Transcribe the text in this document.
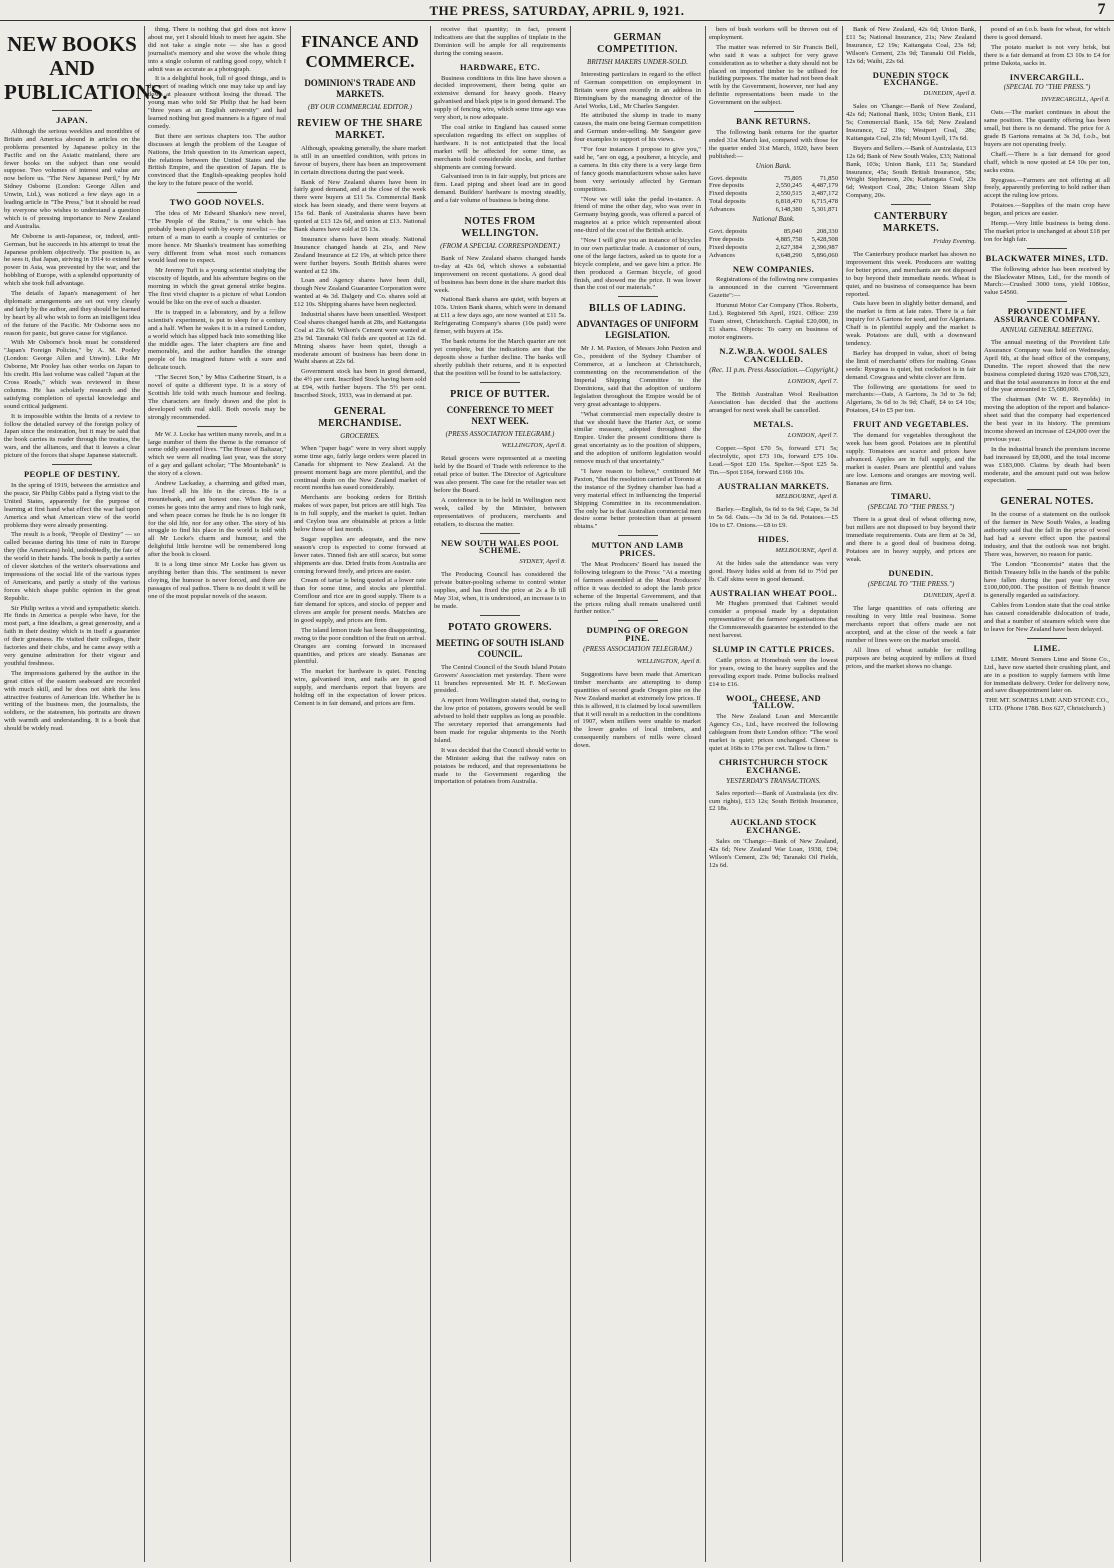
THE PRESS, SATURDAY, APRIL 9, 1921.	7
NEW BOOKS AND PUBLICATIONS.
JAPAN.

Although the serious weeklies and monthlies of Britain and America abound in articles on the problems presented by Japanese policy in the Pacific and on the Asiatic mainland, there are fewer books on the subject than one would suppose. Two volumes of interest and value are now before us. "The New Japanese Peril," by Mr Sidney Osborne (London: George Allen and Unwin, Ltd.), was noticed a few days ago in a leading article in "The Press," but it should be read by everyone who wishes to understand a question which is of pressing importance to New Zealand and Australia.

Mr Osborne is anti-Japanese, or, indeed, anti-German, but he succeeds in his attempt to treat the Japanese problem objectively. The position is, as he sees it, that Japan, striving in 1914 to extend her power in Asia, was prevented by the war, and the hobbling of Europe, with a splendid opportunity of which she took full advantage.

The details of Japan's management of her diplomatic arrangements are set out very clearly and fairly by the author, and they should be learned by heart by all who wish to form an intelligent idea of the future of the Pacific. Mr Osborne sees no reason for panic, but grave cause for vigilance.

With Mr Osborne's book must be considered "Japan's Foreign Policies," by A. M. Pooley (London: George Allen and Unwin). Like Mr Osborne, Mr Pooley has other works on Japan to his credit. His last volume was called "Japan at the Cross Roads," which was reviewed in these columns. He has scholarly research and the satisfying completion of special knowledge and sound critical judgment.

It is impossible within the limits of a review to follow the detailed survey of the foreign policy of Japan since the restoration, but it may be said that the book carries its reader through the treaties, the wars, and the alliances, and that it leaves a clear picture of the forces that shape Japanese statecraft.

PEOPLE OF DESTINY.

In the spring of 1919, between the armistice and the peace, Sir Philip Gibbs paid a flying visit to the United States, apparently for the purpose of learning at first hand what effect the war had upon America and what American view of the world problems they were already presenting.

The result is a book, "People of Destiny" — so called because during his time of ruin in Europe they (the Americans) hold, undoubtedly, the fate of the world in their hands. The book is partly a series of clever sketches of the writer's observations and impressions of the social life of the various types of Americans, and partly a study of the various forces which shape public opinion in the great Republic.

Sir Philip writes a vivid and sympathetic sketch. He finds in America a people who have, for the most part, a fine idealism, a great generosity, and a faith in their destiny which is in itself a guarantee of their greatness. He visited their colleges, their factories and their clubs, and he came away with a very genuine admiration for their vigour and youthful freshness.

The impressions gathered by the author in the great cities of the eastern seaboard are recorded with much skill, and he does not shirk the less attractive features of American life. Whether he is writing of the business men, the journalists, the soldiers, or the statesmen, his portraits are drawn with warmth and understanding. It is a book that should be widely read.

thing. There is nothing that girl does not know about me, yet I should blush to meet her again. She did not take a single note — she has a good journalist's memory and she wove the whole thing into a single column of rattling good copy, which I admit was as accurate as a photograph.

It is a delightful book, full of good things, and is the sort of reading which one may take up and lay down at pleasure without losing the thread. The young man who told Sir Philip that he had been "three years at an English university" and had learned nothing but good manners is a figure of real comedy.

But there are serious chapters too. The author discusses at length the problem of the League of Nations, the Irish question in its American aspect, the relations between the United States and the British Empire, and the question of Japan. He is convinced that the English-speaking peoples hold the key to the future peace of the world.

TWO GOOD NOVELS.

The idea of Mr Edward Shanks's new novel, "The People of the Ruins," is one which has probably been played with by every novelist — the return of a man to earth a couple of centuries or more hence. Mr Shanks's treatment has something very different from what most such romances would lead one to expect.

Mr Jeremy Tuft is a young scientist studying the viscosity of liquids, and his adventure begins on the morning in which the great general strike begins. The first vivid chapter is a picture of what London would be like on the eve of such a disaster.

He is trapped in a laboratory, and by a fellow scientist's experiment, is put to sleep for a century and a half. When he wakes it is in a ruined London, a world which has slipped back into something like the middle ages. The later chapters are fine and memorable, and the author handles the strange people of his imagined future with a sure and delicate touch.

"The Secret Son," by Miss Catherine Stuart, is a novel of quite a different type. It is a story of Scottish life told with much humour and feeling. The characters are finely drawn and the plot is developed with real skill. Both novels may be strongly recommended.

Mr W. J. Locke has written many novels, and in a large number of them the theme is the romance of some oddly assorted lives. "The House of Baltazar," which we were all reading last year, was the story of a gay and gallant scholar; "The Mountebank" is the story of a clown.

Andrew Lackaday, a charming and gifted man, has lived all his life in the circus. He is a mountebank, and an honest one. When the war comes he goes into the army and rises to high rank, and when peace comes he finds he is no longer fit for the old life, nor for any other. The story of his struggle to find his place in the world is told with all Mr Locke's charm and humour, and the delightful little heroine will be remembered long after the book is closed.

It is a long time since Mr Locke has given us anything better than this. The sentiment is never cloying, the humour is never forced, and there are passages of real pathos. There is no doubt it will be one of the most popular novels of the season.

FINANCE AND COMMERCE.
DOMINION'S TRADE AND MARKETS.
(BY OUR COMMERCIAL EDITOR.)
REVIEW OF THE SHARE MARKET.

Although, speaking generally, the share market is still in an unsettled condition, with prices in favour of buyers, there has been an improvement in certain directions during the past week.

Bank of New Zealand shares have been in fairly good demand, and at the close of the week there were buyers at £11 5s. Commercial Bank stock has been steady, and there were buyers at 15s 6d. Bank of Australasia shares have been quoted at £13 12s 6d, and union at £13. National Bank shares have sold at £6 13s.

Insurance shares have been steady. National Insurance changed hands at 21s, and New Zealand Insurance at £2 19s, at which price there were further buyers. South British shares were wanted at £2 18s.

Loan and Agency shares have been dull, though New Zealand Guarantee Corporation were wanted at 4s 3d. Dalgety and Co. shares sold at £12 10s. Shipping shares have been neglected.

Industrial shares have been unsettled. Westport Coal shares changed hands at 28s, and Kaitangata Coal at 23s 6d. Wilson's Cement were wanted at 23s 9d. Taranaki Oil fields are quoted at 12s 6d. Mining shares have been quiet, though a moderate amount of business has been done in Waihi shares at 22s 6d.

Government stock has been in good demand, the 4½ per cent. Inscribed Stock having been sold at £94, with further buyers. The 5½ per cent. Inscribed Stock, 1933, was in demand at par.

GENERAL MERCHANDISE.
GROCERIES.

When "paper bags" were in very short supply some time ago, fairly large orders were placed in Canada for shipment to New Zealand. At the present moment bags are more plentiful, and the continual drain on the New Zealand market of recent months has eased considerably.

Merchants are booking orders for British makes of wax paper, but prices are still high. Tea is in full supply, and the market is quiet. Indian and Ceylon teas are obtainable at prices a little below those of last month.

Sugar supplies are adequate, and the new season's crop is expected to come forward at lower rates. Tinned fish are still scarce, but some shipments are due. Dried fruits from Australia are coming forward freely, and prices are easier.

Cream of tartar is being quoted at a lower rate than for some time, and stocks are plentiful. Cornflour and rice are in good supply. There is a fair demand for spices, and stocks of pepper and cloves are ample for present needs. Matches are in good supply, and prices are firm.

The island lemon trade has been disappointing, owing to the poor condition of the fruit on arrival. Oranges are coming forward in increased quantities, and prices are steady. Bananas are plentiful.

The market for hardware is quiet. Fencing wire, galvanised iron, and nails are in good supply, and merchants report that buyers are holding off in the expectation of lower prices. Cement is in fair demand, and prices are firm.

receive that quantity; in fact, present indications are that the supplies of tinplate in the Dominion will be ample for all requirements during the coming season.

HARDWARE, ETC.

Business conditions in this line have shown a decided improvement, there being quite an extensive demand for heavy goods. Heavy galvanised and black pipe is in good demand. The supply of fencing wire, which some time ago was very short, is now adequate.

The coal strike in England has caused some speculation regarding its effect on supplies of hardware. It is not anticipated that the local market will be affected for some time, as merchants hold considerable stocks, and further shipments are coming forward.

Galvanised iron is in fair supply, but prices are firm. Lead piping and sheet lead are in good demand. Builders' hardware is moving steadily, and a fair volume of business is being done.

NOTES FROM WELLINGTON.
(FROM A SPECIAL CORRESPONDENT.)

Bank of New Zealand shares changed hands to-day at 42s 6d, which shows a substantial improvement on recent quotations. A good deal of business has been done in the share market this week.

National Bank shares are quiet, with buyers at 103s. Union Bank shares, which were in demand at £11 a few days ago, are now wanted at £11 5s. Refrigerating Company's shares (10s paid) were firmer, with buyers at 15s.

The bank returns for the March quarter are not yet complete, but the indications are that the deposits show a further decline. The banks will shortly publish their returns, and it is expected that the position will be found to be satisfactory.

PRICE OF BUTTER.
CONFERENCE TO MEET NEXT WEEK.
(PRESS ASSOCIATION TELEGRAM.)
WELLINGTON, April 8.

Retail grocers were represented at a meeting held by the Board of Trade with reference to the retail price of butter. The Director of Agriculture was also present. The case for the retailer was set before the Board.

A conference is to be held in Wellington next week, called by the Minister, between representatives of producers, merchants and retailers, to discuss the matter.

NEW SOUTH WALES POOL SCHEME.
SYDNEY, April 8.

The Producing Council has considered the private butter-pooling scheme to control winter supplies, and has fixed the price at 2s a lb till May 31st, when, it is understood, an increase is to be made.

POTATO GROWERS.
MEETING OF SOUTH ISLAND COUNCIL.

The Central Council of the South Island Potato Growers' Association met yesterday. There were 11 branches represented. Mr H. F. McGowan presided.

A report from Wellington stated that, owing to the low price of potatoes, growers would be well advised to hold their supplies as long as possible. The secretary reported that arrangements had been made for regular shipments to the North Island.

It was decided that the Council should write to the Minister asking that the railway rates on potatoes be reduced, and that representations be made to the Government regarding the importation of potatoes from Australia.

GERMAN COMPETITION.
BRITISH MAKERS UNDER-SOLD.

Interesting particulars in regard to the effect of German competition on employment in Britain were given recently in an address in Birmingham by the managing director of the Ariel Works, Ltd., Mr Charles Sangster.

He attributed the slump in trade to many causes, the main one being German competition and German under-selling. Mr Sangster gave four examples to support of his views.

"For four instances I propose to give you," said he, "are on egg, a poulterer, a bicycle, and a camera. In this city there is a very large firm of fancy goods manufacturers whose sales have been very seriously affected by German competition.

"Now we will take the pedal in-stance. A friend of mine the other day, who was over in Germany buying goods, was offered a parcel of magnetos at a price which represented about one-third of the cost of the British article.

"Now I will give you an instance of bicycles in our own particular trade. A customer of ours, one of the large factors, asked us to quote for a bicycle complete, and we gave him a price. He then produced a German bicycle, of good finish, and showed me the price. It was lower than the cost of our materials."

BILLS OF LADING.
ADVANTAGES OF UNIFORM LEGISLATION.

Mr J. M. Paxton, of Messrs John Paxton and Co., president of the Sydney Chamber of Commerce, at a luncheon at Christchurch, commenting on the recommendation of the Imperial Shipping Committee to the Dominions, said that the adoption of uniform legislation throughout the Empire would be of very great advantage to shippers.

"What commercial men especially desire is that we should have the Harter Act, or some similar measure, adopted throughout the Empire. Under the present conditions there is great uncertainty as to the position of shippers, and the adoption of uniform legislation would remove much of that uncertainty."

"I have reason to believe," continued Mr Paxton, "that the resolution carried at Toronto at the instance of the Sydney chamber has had a very material effect in influencing the Imperial Shipping Committee in its recommendation. The only bar is that Australian commercial men desire some better protection than at present obtains."

MUTTON AND LAMB PRICES.

The Meat Producers' Board has issued the following telegram to the Press: "At a meeting of farmers assembled at the Meat Producers' office it was decided to adopt the lamb price scheme of the Imperial Government, and that the prices ruling shall remain unaltered until further notice."

DUMPING OF OREGON PINE.
(PRESS ASSOCIATION TELEGRAM.)
WELLINGTON, April 8.

Suggestions have been made that American timber merchants are attempting to dump quantities of second grade Oregon pine on the New Zealand market at extremely low prices. If this is allowed, it is claimed by local sawmillers that it will result in a reduction in the conditions of 1907, when millers were unable to market the lower grades of local timbers, and consequently numbers of mills were closed down.

bers of bush workers will be thrown out of employment.

The matter was referred to Sir Francis Bell, who said it was a subject for very grave consideration as to whether a duty should not be placed on imported timber to be utilised for building purposes. The matter had not been dealt with by the Government, however, nor had any definite representations been made to the Government on the subject.

BANK RETURNS.

The following bank returns for the quarter ended 31st March last, compared with those for the quarter ended 31st March, 1920, have been published:—

Union Bank.
Govt. deposits	75,805	71,850
Free deposits	2,550,245	4,487,179
Fixed deposits	2,550,515	2,487,172
Total deposits	6,818,470	6,715,478
Advances	6,148,380	5,301,871
National Bank.
Govt. deposits	85,040	208,330
Free deposits	4,885,758	5,428,508
Fixed deposits	2,627,384	2,396,987
Advances	6,648,290	5,896,060
NEW COMPANIES.

Registrations of the following new companies is announced in the current "Government Gazette":—

Hurunui Motor Car Company (Thos. Roberts, Ltd.). Registered 5th April, 1921. Office: 239 Tuam street, Christchurch. Capital £20,000, in £1 shares. Objects: To carry on business of motor engineers.

N.Z.W.B.A. WOOL SALES CANCELLED.
(Rec. 11 p.m. Press Association.—Copyright.)
LONDON, April 7.

The British Australian Wool Realisation Association has decided that the auctions arranged for next week shall be cancelled.

METALS.
LONDON, April 7.

Copper.—Spot £70 5s, forward £71 5s; electrolytic, spot £73 10s, forward £75 10s. Lead.—Spot £20 15s. Spelter.—Spot £25 5s. Tin.—Spot £164, forward £166 10s.

AUSTRALIAN MARKETS.
MELBOURNE, April 8.

Barley.—English, 6s 6d to 6s 9d; Cape, 5s 3d to 5s 6d. Oats.—3s 3d to 3s 6d. Potatoes.—£5 10s to £7. Onions.—£8 to £9.

HIDES.
MELBOURNE, April 8.

At the hides sale the attendance was very good. Heavy hides sold at from 6d to 7½d per lb. Calf skins were in good demand.

AUSTRALIAN WHEAT POOL.

Mr Hughes promised that Cabinet would consider a proposal made by a deputation representative of the farmers' organisations that the Commonwealth guarantee be extended to the next harvest.

SLUMP IN CATTLE PRICES.

Cattle prices at Homebush were the lowest for years, owing to the heavy supplies and the prevailing export trade. Prime bullocks realised £14 to £16.

WOOL, CHEESE, AND TALLOW.

The New Zealand Loan and Mercantile Agency Co., Ltd., have received the following cablegram from their London office: "The wool market is quiet; prices unchanged. Cheese is quiet at 168s to 176s per cwt. Tallow is firm."

CHRISTCHURCH STOCK EXCHANGE.
YESTERDAY'S TRANSACTIONS.

Sales reported:—Bank of Australasia (ex div. cum rights), £13 12s; South British Insurance, £2 18s.

AUCKLAND STOCK EXCHANGE.

Sales on 'Change:—Bank of New Zealand, 42s 6d; New Zealand War Loan, 1938, £94; Wilson's Cement, 23s 9d; Taranaki Oil Fields, 12s 6d.

Bank of New Zealand, 42s 6d; Union Bank, £11 5s; National Insurance, 21s; New Zealand Insurance, £2 19s; Kaitangata Coal, 23s 6d; Wilson's Cement, 23s 9d; Taranaki Oil Fields, 12s 6d; Waihi, 22s 6d.

DUNEDIN STOCK EXCHANGE.
DUNEDIN, April 8.

Sales on 'Change:—Bank of New Zealand, 42s 6d; National Bank, 103s; Union Bank, £11 5s; Commercial Bank, 15s 6d; New Zealand Insurance, £2 19s; Westport Coal, 28s; Kaitangata Coal, 23s 6d; Mount Lyell, 17s 6d.

Buyers and Sellers.—Bank of Australasia, £13 12s 6d; Bank of New South Wales, £33; National Bank, 103s; Union Bank, £11 5s; Standard Insurance, 45s; South British Insurance, 58s; Wright Stephenson, 20s; Kaitangata Coal, 23s 6d; Westport Coal, 28s; Union Steam Ship Company, 20s.

CANTERBURY MARKETS.
Friday Evening.

The Canterbury produce market has shown no improvement this week. Producers are waiting for better prices, and merchants are not disposed to buy beyond their immediate needs. Wheat is quiet, and no business of consequence has been reported.

Oats have been in slightly better demand, and the market is firm at late rates. There is a fair inquiry for A Gartons for seed, and for Algerians. Chaff is in plentiful supply and the market is weak. Potatoes are dull, with a downward tendency.

Barley has dropped in value, short of being the limit of merchants' offers for malting. Grass seeds: Ryegrass is quiet, but cocksfoot is in fair demand. Cowgrass and white clover are firm.

The following are quotations for seed to merchants:—Oats, A Gartons, 3s 3d to 3s 6d; Algerians, 3s 6d to 3s 9d; Chaff, £4 to £4 10s; Potatoes, £4 to £5 per ton.

FRUIT AND VEGETABLES.

The demand for vegetables throughout the week has been good. Potatoes are in plentiful supply. Tomatoes are scarce and prices have advanced. Apples are in full supply, and the market is easier. Pears are plentiful and values are low. Lemons and oranges are moving well. Bananas are firm.

TIMARU.
(SPECIAL TO "THE PRESS.")

There is a great deal of wheat offering now, but millers are not disposed to buy beyond their immediate requirements. Oats are firm at 3s 3d, and there is a good deal of business doing. Potatoes are in heavy supply, and prices are weak.

DUNEDIN.
(SPECIAL TO "THE PRESS.")
DUNEDIN, April 8.

The large quantities of oats offering are resulting in very little real business. Some merchants report that offers made are not accepted, and at the close of the week a fair number of lines were on the market unsold.

All lines of wheat suitable for milling purposes are being acquired by millers at fixed prices, and the market shows no change.

pound of an f.o.b. basis for wheat, for which there is good demand.

The potato market is not very brisk, but there is a fair demand at from £3 10s to £4 for prime Dakota, sacks in.

INVERCARGILL.
(SPECIAL TO "THE PRESS.")
INVERCARGILL, April 8.

Oats.—The market continues in about the same position. The quantity offering has been small, but there is no demand. The price for A grade B Gartons remains at 3s 3d, f.o.b., but buyers are not operating freely.

Chaff.—There is a fair demand for good chaff, which is now quoted at £4 10s per ton, sacks extra.

Ryegrass.—Farmers are not offering at all freely, apparently preferring to hold rather than accept the ruling low prices.

Potatoes.—Supplies of the main crop have begun, and prices are easier.

Hemp.—Very little business is being done. The market price is unchanged at about £18 per ton for high fair.

BLACKWATER MINES, LTD.

The following advice has been received by the Blackwater Mines, Ltd., for the month of March:—Crushed 3000 tons, yield 1086oz, value £4560.

PROVIDENT LIFE ASSURANCE COMPANY.
ANNUAL GENERAL MEETING.

The annual meeting of the Provident Life Assurance Company was held on Wednesday, April 6th, at the head office of the company, Dunedin. The report showed that the new business completed during 1920 was £708,323, and that the total assurances in force at the end of the year amounted to £5,680,000.

The chairman (Mr W. E. Reynolds) in moving the adoption of the report and balance-sheet said that the company had experienced the best year in its history. The premium income showed an increase of £24,000 over the previous year.

In the industrial branch the premium income had increased by £8,000, and the total income was £183,000. Claims by death had been moderate, and the amount paid out was below expectation.

GENERAL NOTES.

In the course of a statement on the outlook of the farmer in New South Wales, a leading authority said that the fall in the price of wool had had a severe effect upon the pastoral industry, and that the outlook was not bright. There was, however, no reason for panic.

The London "Economist" states that the British Treasury bills in the hands of the public have fallen during the past year by over £100,000,000. The position of British finance is generally regarded as satisfactory.

Cables from London state that the coal strike has caused considerable dislocation of trade, and that a number of steamers which were due to leave for New Zealand have been delayed.

LIME.

LIME. Mount Somers Lime and Stone Co., Ltd., have now started their crushing plant, and are in a position to supply farmers with lime for immediate delivery. Order for delivery now, and save disappointment later on.

THE MT. SOMERS LIME AND STONE CO., LTD. (Phone 1788. Box 627, Christchurch.)
